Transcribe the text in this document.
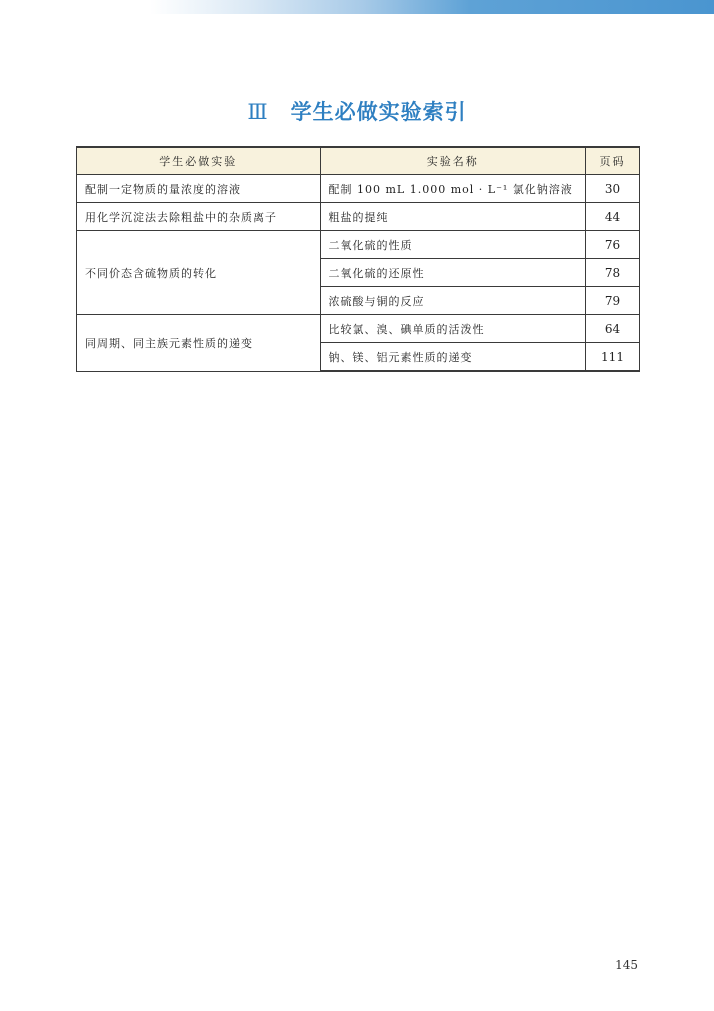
Ⅲ 学生必做实验索引
学生必做实验	实验名称	页码
配制一定物质的量浓度的溶液	配制 100 mL 1.000 mol · L⁻¹ 氯化钠溶液	30
用化学沉淀法去除粗盐中的杂质离子	粗盐的提纯	44
不同价态含硫物质的转化	二氧化硫的性质	76
	二氧化硫的还原性	78
	浓硫酸与铜的反应	79
同周期、同主族元素性质的递变	比较氯、溴、碘单质的活泼性	64
	钠、镁、铝元素性质的递变	111
145
